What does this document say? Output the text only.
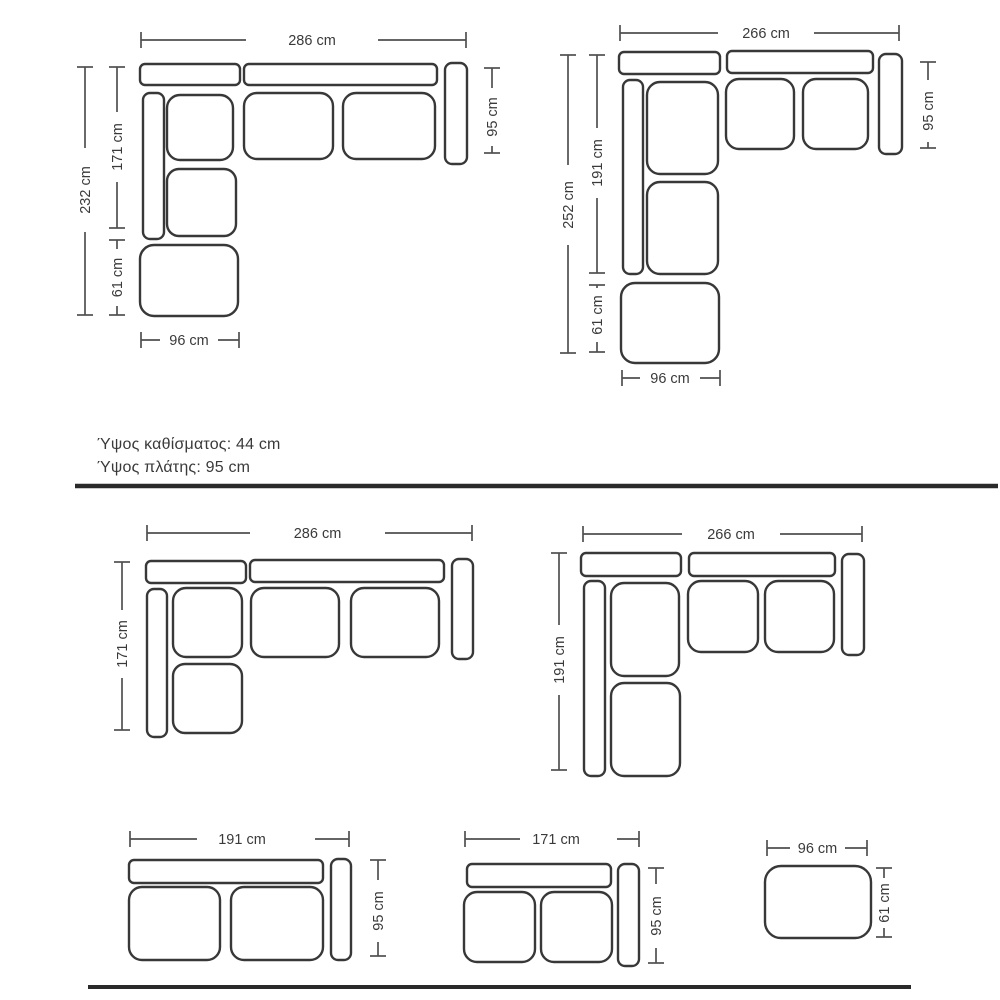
286 cm
95 cm
232 cm
171 cm
61 cm
96 cm
266 cm
95 cm
252 cm
191 cm
61 cm
96 cm
286 cm
171 cm
266 cm
191 cm
191 cm
95 cm
171 cm
95 cm
96 cm
61 cm
Ύψος καθίσματος: 44 cm
Ύψος πλάτης: 95 cm
